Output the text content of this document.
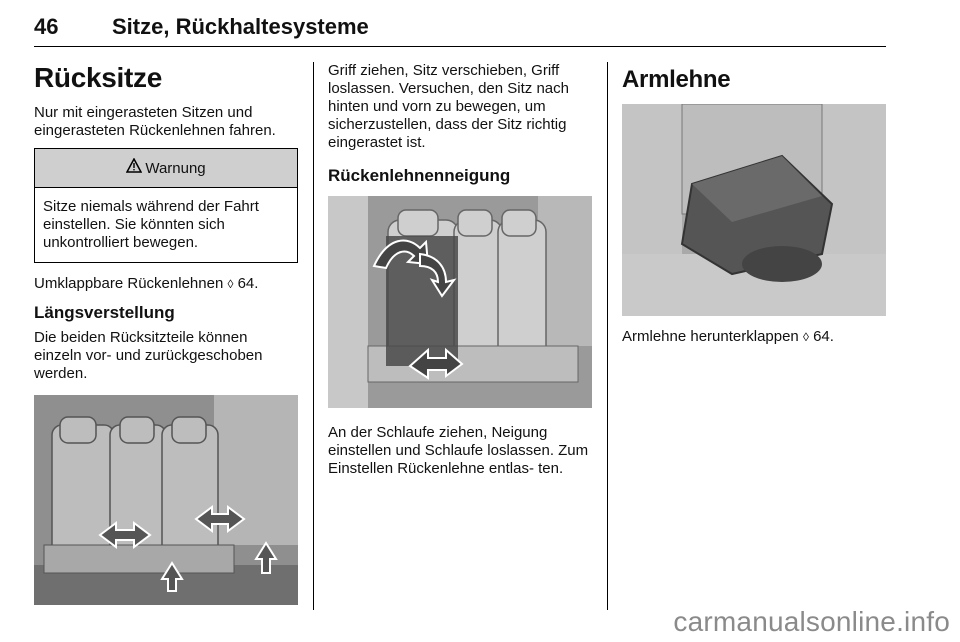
46 Sitze, Rückhaltesysteme
Rücksitze

Nur mit eingerasteten Sitzen und eingerasteten Rückenlehnen fahren.

Warnung

Sitze niemals während der Fahrt einstellen. Sie könnten sich unkontrolliert bewegen.

Umklappbare Rückenlehnen ◊ 64.

Längsverstellung

Die beiden Rücksitzteile können einzeln vor- und zurückgeschoben werden.

Griff ziehen, Sitz verschieben, Griff loslassen. Versuchen, den Sitz nach hinten und vorn zu bewegen, um sicherzustellen, dass der Sitz richtig eingerastet ist.

Rückenlehnenneigung

An der Schlaufe ziehen, Neigung einstellen und Schlaufe loslassen. Zum Einstellen Rückenlehne entlas- ten.

Armlehne

Armlehne herunterklappen ◊ 64.

carmanualsonline.info
